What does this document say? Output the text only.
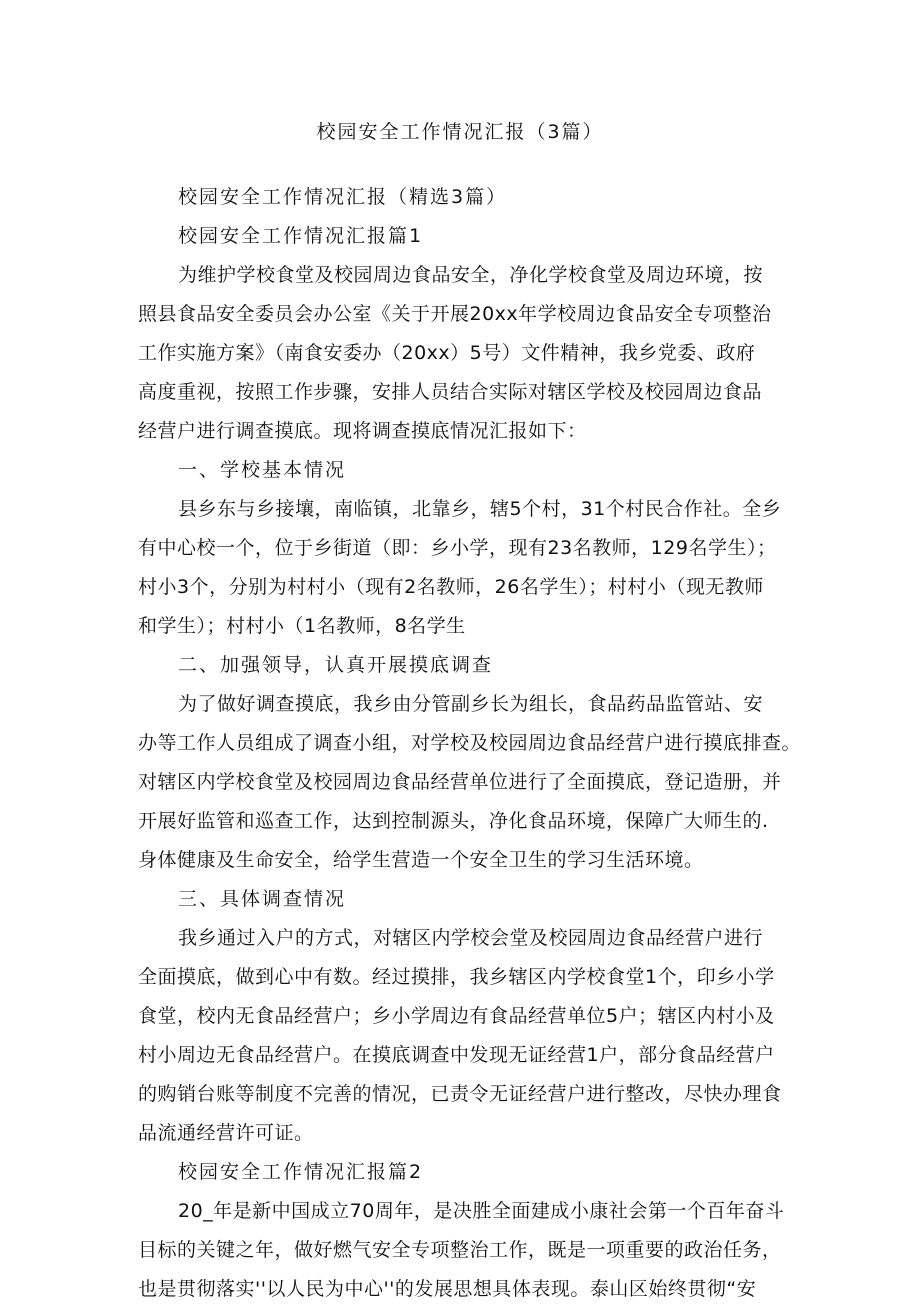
校园安全工作情况汇报（3篇）
校园安全工作情况汇报（精选3篇）
校园安全工作情况汇报篇1
为维护学校食堂及校园周边食品安全，净化学校食堂及周边环境，按
照县食品安全委员会办公室《关于开展20xx年学校周边食品安全专项整治
工作实施方案》（南食安委办（20xx）5号）文件精神，我乡党委、政府
高度重视，按照工作步骤，安排人员结合实际对辖区学校及校园周边食品
经营户进行调查摸底。现将调查摸底情况汇报如下：
一、学校基本情况
县乡东与乡接壤，南临镇，北靠乡，辖5个村，31个村民合作社。全乡
有中心校一个，位于乡街道（即：乡小学，现有23名教师，129名学生）；
村小3个，分别为村村小（现有2名教师，26名学生）；村村小（现无教师
和学生）；村村小（1名教师，8名学生
二、加强领导，认真开展摸底调查
为了做好调查摸底，我乡由分管副乡长为组长，食品药品监管站、安
办等工作人员组成了调查小组，对学校及校园周边食品经营户进行摸底排查。
对辖区内学校食堂及校园周边食品经营单位进行了全面摸底，登记造册，并
开展好监管和巡查工作，达到控制源头，净化食品环境，保障广大师生的.
身体健康及生命安全，给学生营造一个安全卫生的学习生活环境。
三、具体调查情况
我乡通过入户的方式，对辖区内学校会堂及校园周边食品经营户进行
全面摸底，做到心中有数。经过摸排，我乡辖区内学校食堂1个，印乡小学
食堂，校内无食品经营户；乡小学周边有食品经营单位5户；辖区内村小及
村小周边无食品经营户。在摸底调查中发现无证经营1户，部分食品经营户
的购销台账等制度不完善的情况，已责令无证经营户进行整改，尽快办理食
品流通经营许可证。
校园安全工作情况汇报篇2
20_年是新中国成立70周年，是决胜全面建成小康社会第一个百年奋斗
目标的关键之年，做好燃气安全专项整治工作，既是一项重要的政治任务，
也是贯彻落实''以人民为中心''的发展思想具体表现。泰山区始终贯彻“安
